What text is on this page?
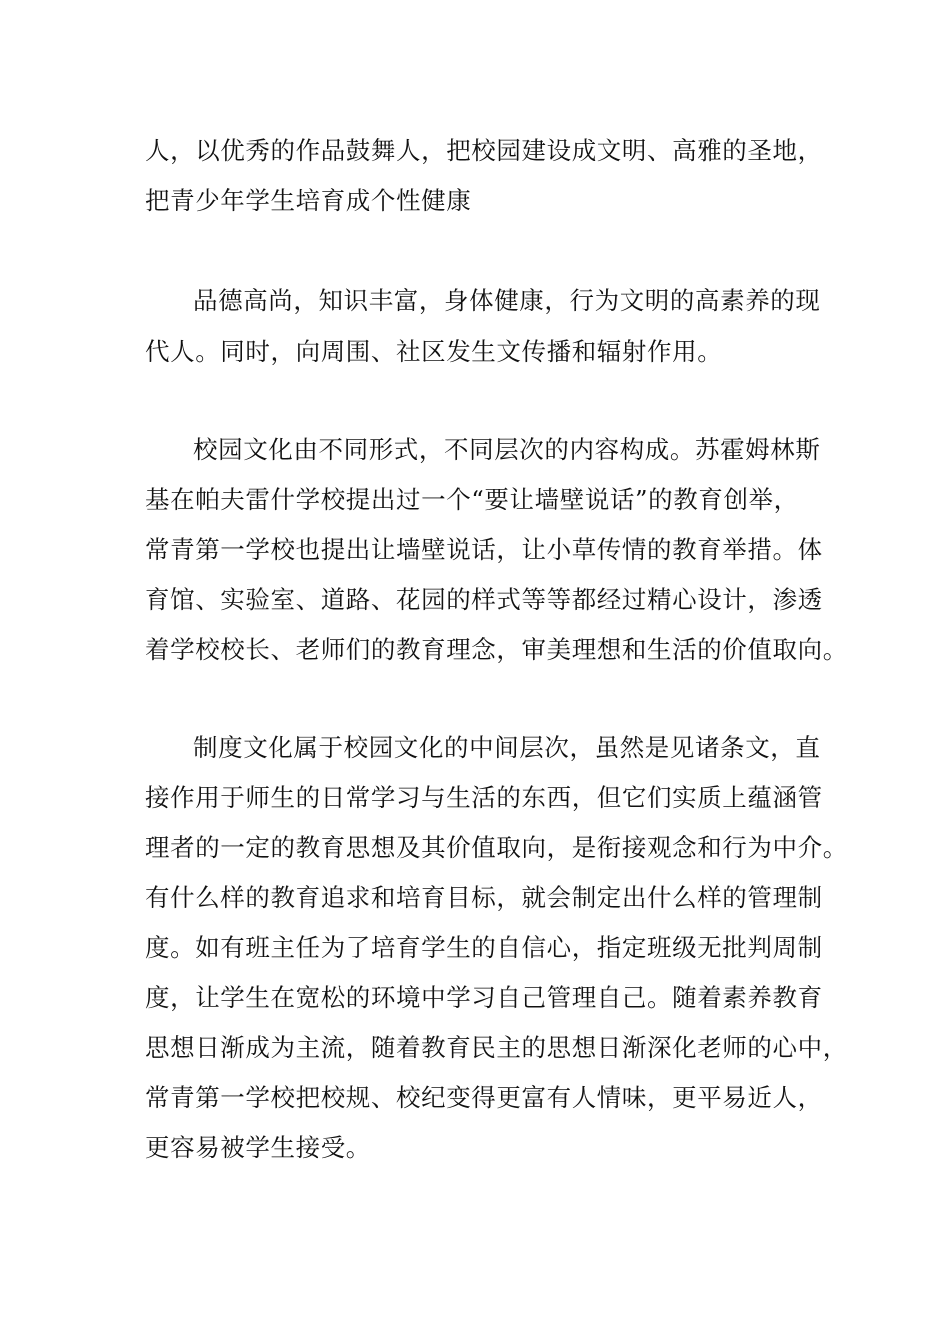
人，以优秀的作品鼓舞人，把校园建设成文明、高雅的圣地，
把青少年学生培育成个性健康
品德高尚，知识丰富，身体健康，行为文明的高素养的现
代人。同时，向周围、社区发生文传播和辐射作用。
校园文化由不同形式，不同层次的内容构成。苏霍姆林斯
基在帕夫雷什学校提出过一个“要让墙壁说话”的教育创举，
常青第一学校也提出让墙壁说话，让小草传情的教育举措。体
育馆、实验室、道路、花园的样式等等都经过精心设计，渗透
着学校校长、老师们的教育理念，审美理想和生活的价值取向。
制度文化属于校园文化的中间层次，虽然是见诸条文，直
接作用于师生的日常学习与生活的东西，但它们实质上蕴涵管
理者的一定的教育思想及其价值取向，是衔接观念和行为中介。
有什么样的教育追求和培育目标，就会制定出什么样的管理制
度。如有班主任为了培育学生的自信心，指定班级无批判周制
度，让学生在宽松的环境中学习自己管理自己。随着素养教育
思想日渐成为主流，随着教育民主的思想日渐深化老师的心中，
常青第一学校把校规、校纪变得更富有人情味，更平易近人，
更容易被学生接受。
